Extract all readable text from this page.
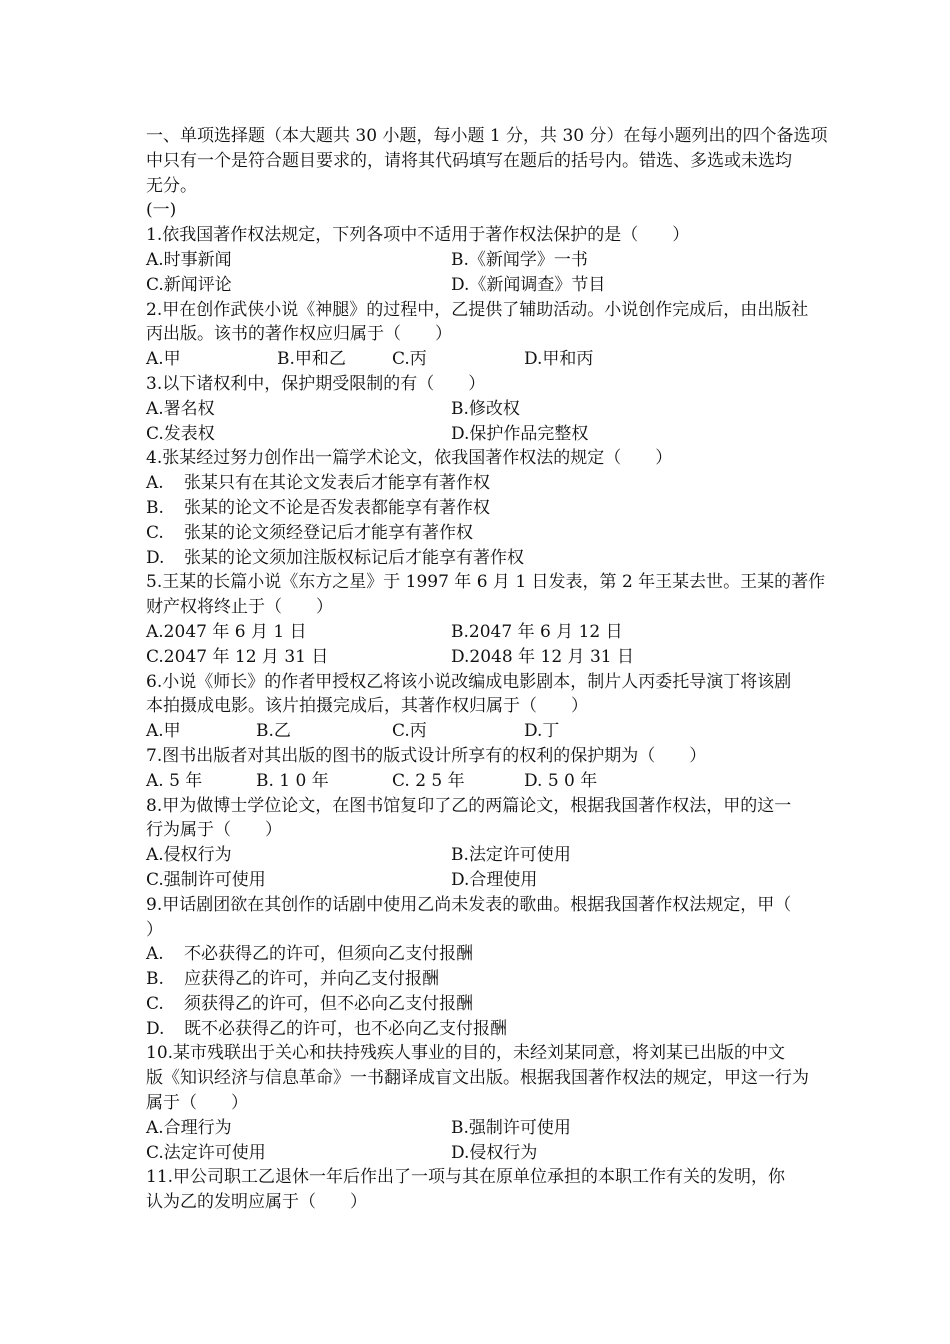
一、单项选择题（本大题共 30 小题，每小题 1 分，共 30 分）在每小题列出的四个备选项
中只有一个是符合题目要求的，请将其代码填写在题后的括号内。错选、多选或未选均
无分。
(一)
1.依我国著作权法规定，下列各项中不适用于著作权法保护的是（　　）
A.时事新闻	B.《新闻学》一书
C.新闻评论	D.《新闻调查》节目
2.甲在创作武侠小说《神腿》的过程中，乙提供了辅助活动。小说创作完成后，由出版社
丙出版。该书的著作权应归属于（　　）
A.甲	B.甲和乙	C.丙	D.甲和丙
3.以下诸权利中，保护期受限制的有（　　）
A.署名权	B.修改权
C.发表权	D.保护作品完整权
4.张某经过努力创作出一篇学术论文，依我国著作权法的规定（　　）
A. 张某只有在其论文发表后才能享有著作权
B. 张某的论文不论是否发表都能享有著作权
C. 张某的论文须经登记后才能享有著作权
D. 张某的论文须加注版权标记后才能享有著作权
5.王某的长篇小说《东方之星》于 1997 年 6 月 1 日发表，第 2 年王某去世。王某的著作
财产权将终止于（　　）
A.2047 年 6 月 1 日	B.2047 年 6 月 12 日
C.2047 年 12 月 31 日	D.2048 年 12 月 31 日
6.小说《师长》的作者甲授权乙将该小说改编成电影剧本，制片人丙委托导演丁将该剧
本拍摄成电影。该片拍摄完成后，其著作权归属于（　　）
A.甲	B.乙	C.丙	D.丁
7.图书出版者对其出版的图书的版式设计所享有的权利的保护期为（　　）
A. 5 年	B. 1 0 年	C. 2 5 年	D. 5 0 年
8.甲为做博士学位论文，在图书馆复印了乙的两篇论文，根据我国著作权法，甲的这一
行为属于（　　）
A.侵权行为	B.法定许可使用
C.强制许可使用	D.合理使用
9.甲话剧团欲在其创作的话剧中使用乙尚未发表的歌曲。根据我国著作权法规定，甲（
）
A. 不必获得乙的许可，但须向乙支付报酬
B. 应获得乙的许可，并向乙支付报酬
C. 须获得乙的许可，但不必向乙支付报酬
D. 既不必获得乙的许可，也不必向乙支付报酬
10.某市残联出于关心和扶持残疾人事业的目的，未经刘某同意，将刘某已出版的中文
版《知识经济与信息革命》一书翻译成盲文出版。根据我国著作权法的规定，甲这一行为
属于（　　）
A.合理行为	B.强制许可使用
C.法定许可使用	D.侵权行为
11.甲公司职工乙退休一年后作出了一项与其在原单位承担的本职工作有关的发明，你
认为乙的发明应属于（　　）
